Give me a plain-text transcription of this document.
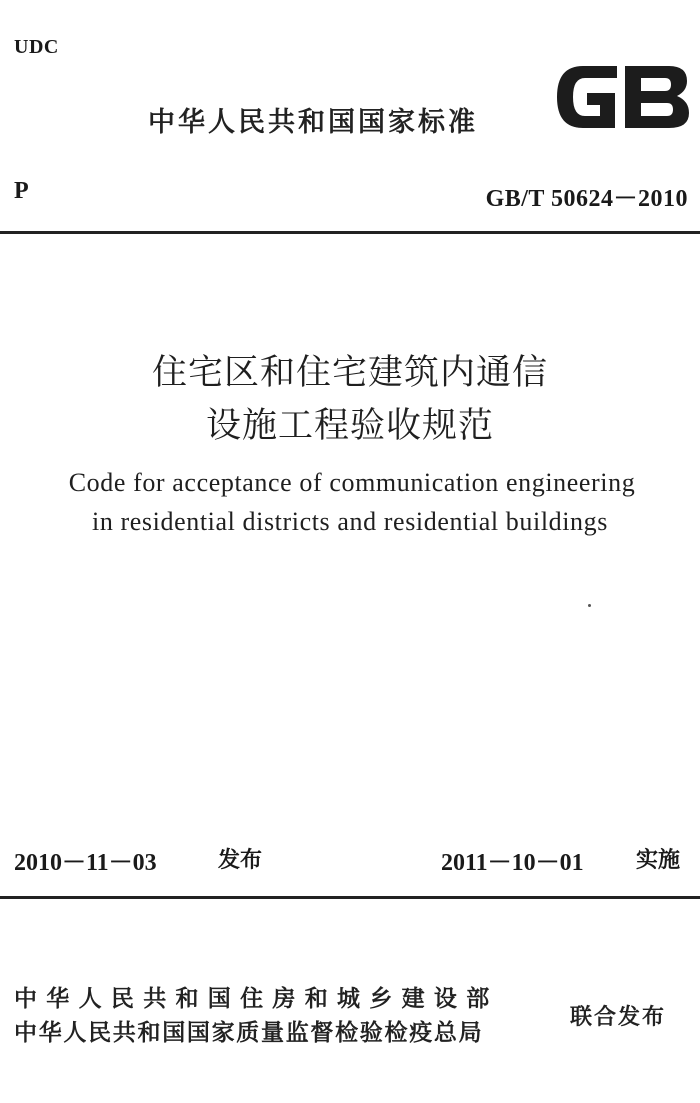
UDC
中华人民共和国国家标准
P	GB/T 50624－2010
住宅区和住宅建筑内通信
设施工程验收规范
Code for acceptance of communication engineering
in residential districts and residential buildings
2010－11－03	发布	2011－10－01 实施
中华人民共和国住房和城乡建设部
中华人民共和国国家质量监督检验检疫总局
联合发布
